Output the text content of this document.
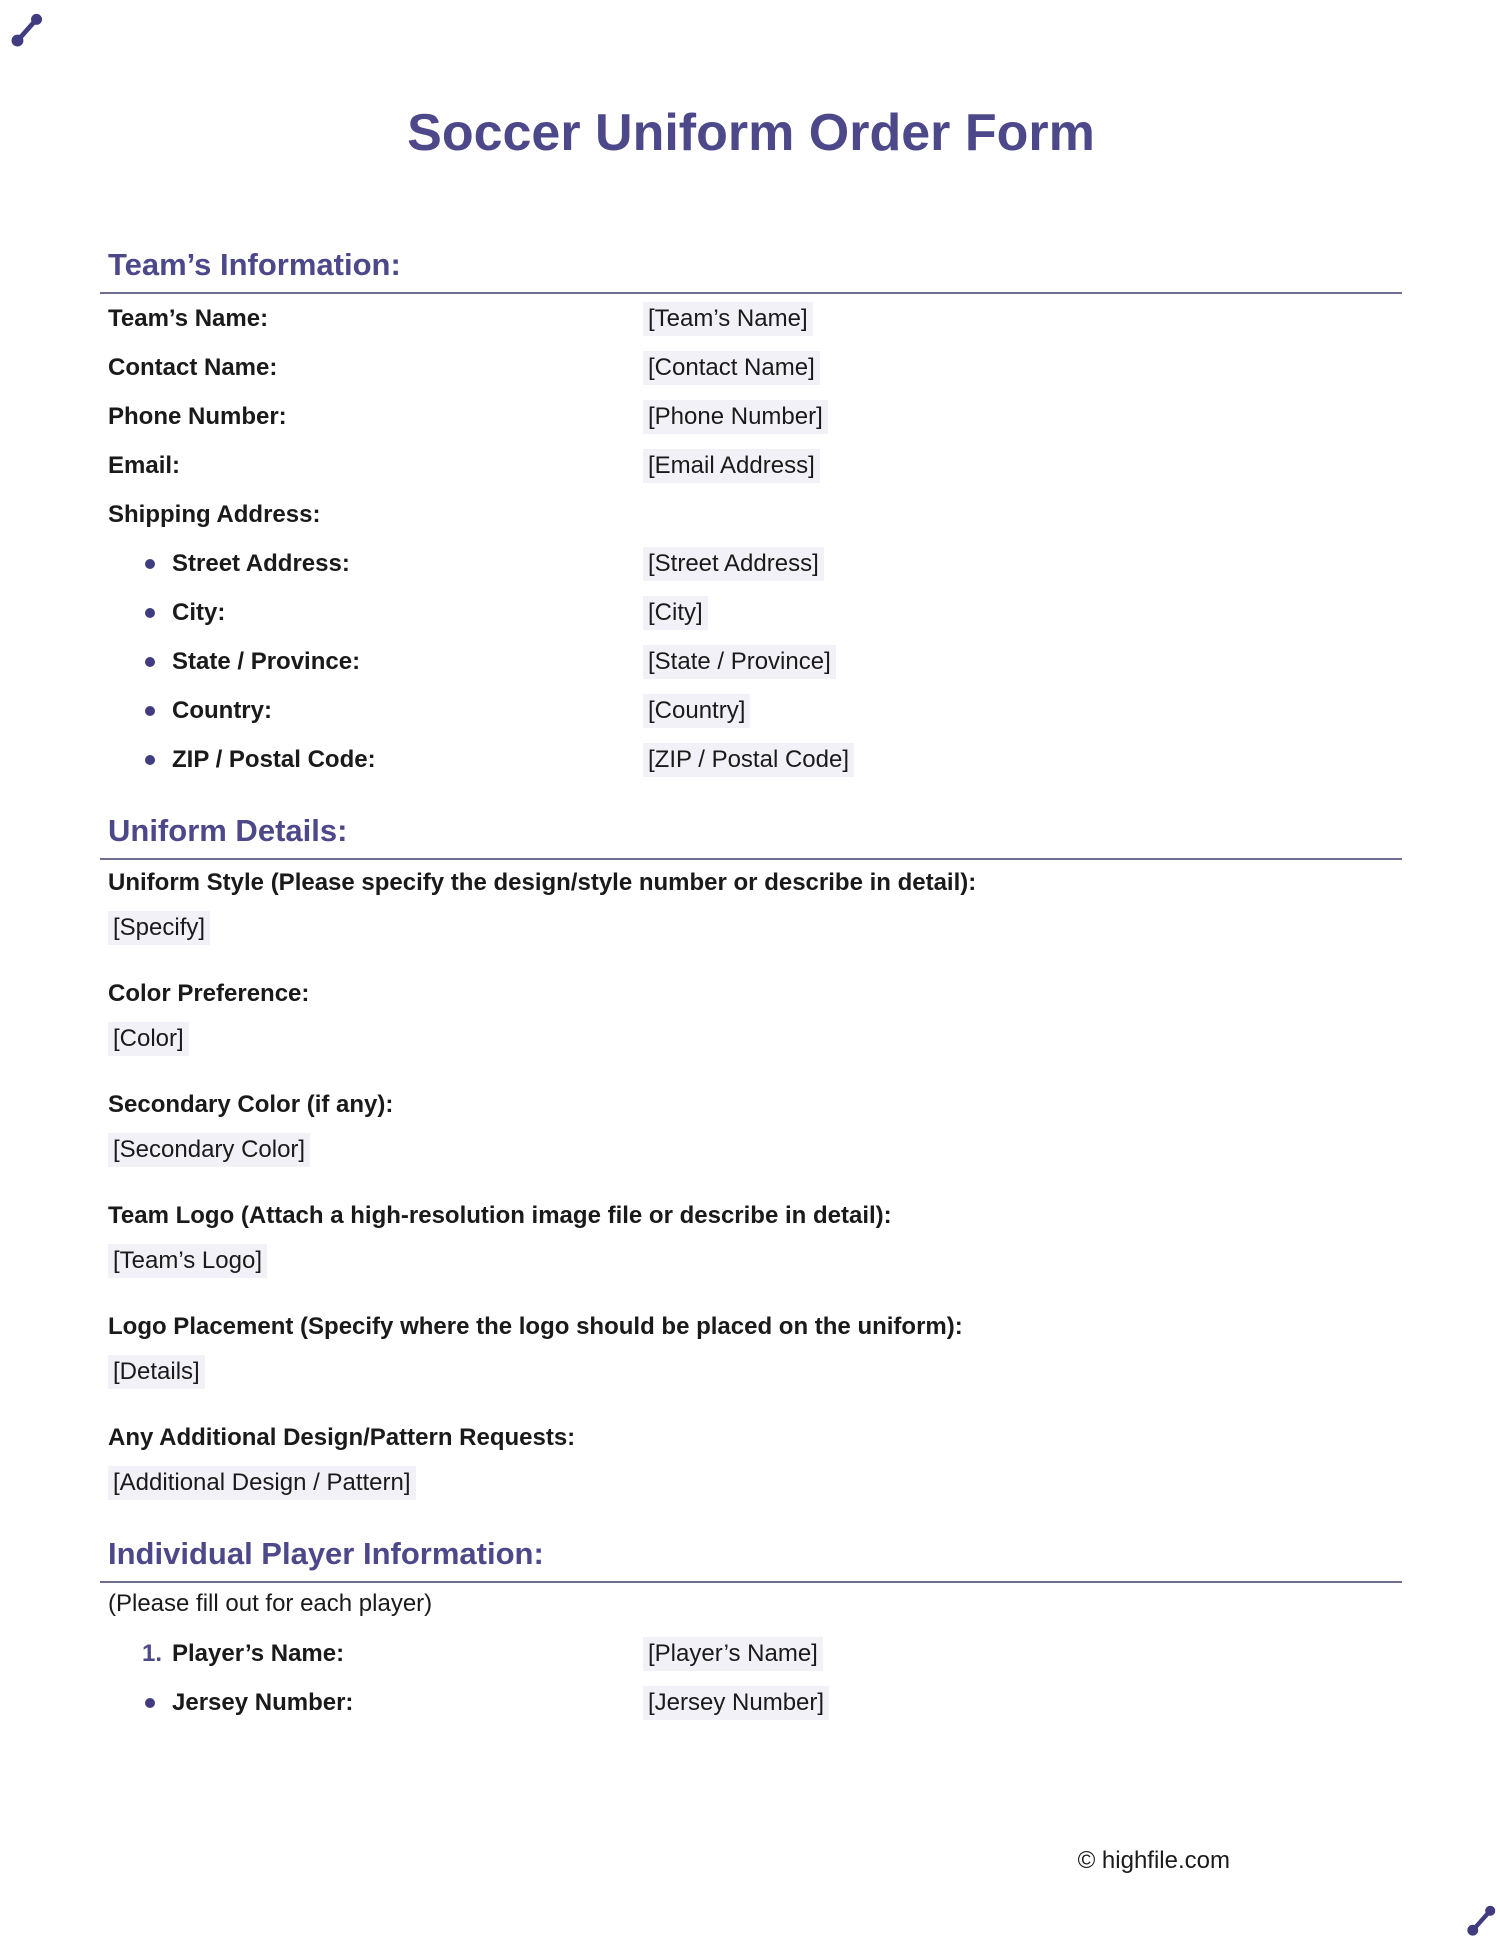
Soccer Uniform Order Form
Team’s Information:
Team’s Name:	[Team’s Name]
Contact Name:	[Contact Name]
Phone Number:	[Phone Number]
Email:	[Email Address]
Shipping Address:
Street Address:	[Street Address]
City:	[City]
State / Province:	[State / Province]
Country:	[Country]
ZIP / Postal Code:	[ZIP / Postal Code]
Uniform Details:
Uniform Style (Please specify the design/style number or describe in detail):
[Specify]
Color Preference:
[Color]
Secondary Color (if any):
[Secondary Color]
Team Logo (Attach a high-resolution image file or describe in detail):
[Team’s Logo]
Logo Placement (Specify where the logo should be placed on the uniform):
[Details]
Any Additional Design/Pattern Requests:
[Additional Design / Pattern]
Individual Player Information:
(Please fill out for each player)
1. Player’s Name:	[Player’s Name]
Jersey Number:	[Jersey Number]
© highfile.com
